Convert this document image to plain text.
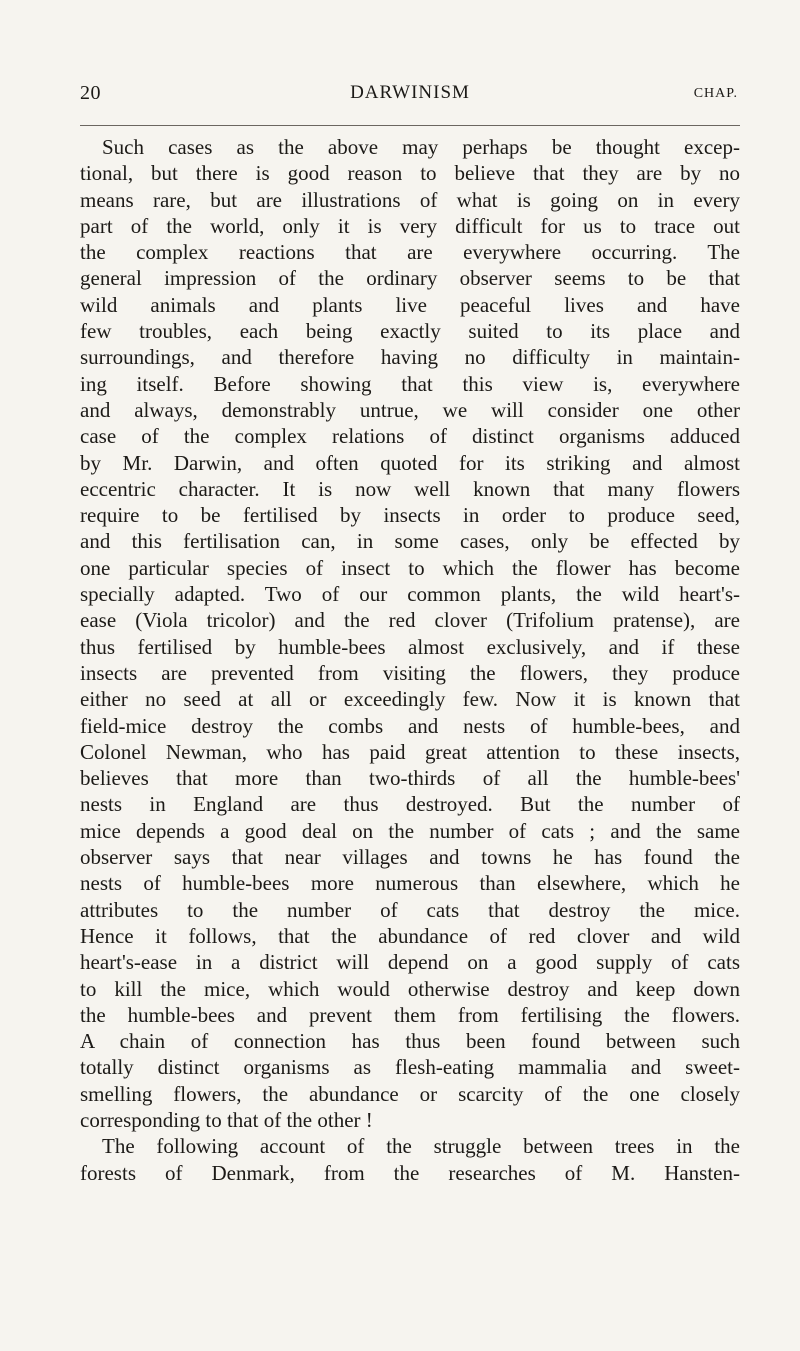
20	DARWINISM	CHAP.
Such cases as the above may perhaps be thought excep-
tional, but there is good reason to believe that they are by no
means rare, but are illustrations of what is going on in every
part of the world, only it is very difficult for us to trace out
the complex reactions that are everywhere occurring. The
general impression of the ordinary observer seems to be that
wild animals and plants live peaceful lives and have
few troubles, each being exactly suited to its place and
surroundings, and therefore having no difficulty in maintain-
ing itself. Before showing that this view is, everywhere
and always, demonstrably untrue, we will consider one other
case of the complex relations of distinct organisms adduced
by Mr. Darwin, and often quoted for its striking and almost
eccentric character. It is now well known that many flowers
require to be fertilised by insects in order to produce seed,
and this fertilisation can, in some cases, only be effected by
one particular species of insect to which the flower has become
specially adapted. Two of our common plants, the wild heart's-
ease (Viola tricolor) and the red clover (Trifolium pratense), are
thus fertilised by humble-bees almost exclusively, and if these
insects are prevented from visiting the flowers, they produce
either no seed at all or exceedingly few. Now it is known that
field-mice destroy the combs and nests of humble-bees, and
Colonel Newman, who has paid great attention to these insects,
believes that more than two-thirds of all the humble-bees'
nests in England are thus destroyed. But the number of
mice depends a good deal on the number of cats ; and the same
observer says that near villages and towns he has found the
nests of humble-bees more numerous than elsewhere, which he
attributes to the number of cats that destroy the mice.
Hence it follows, that the abundance of red clover and wild
heart's-ease in a district will depend on a good supply of cats
to kill the mice, which would otherwise destroy and keep down
the humble-bees and prevent them from fertilising the flowers.
A chain of connection has thus been found between such
totally distinct organisms as flesh-eating mammalia and sweet-
smelling flowers, the abundance or scarcity of the one closely
corresponding to that of the other !
The following account of the struggle between trees in the
forests of Denmark, from the researches of M. Hansten-
